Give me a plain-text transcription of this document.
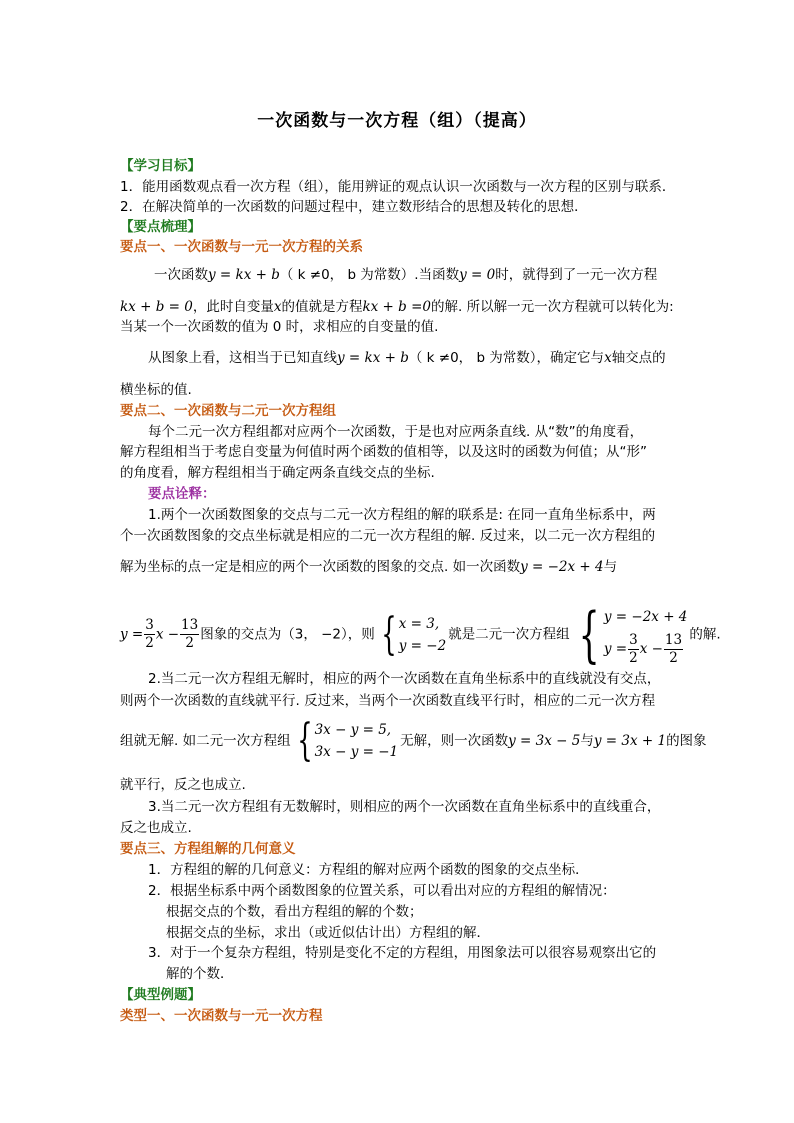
一次函数与一次方程（组）（提高）
【学习目标】
1．能用函数观点看一次方程（组），能用辨证的观点认识一次函数与一次方程的区别与联系．
2．在解决简单的一次函数的问题过程中，建立数形结合的思想及转化的思想．
【要点梳理】
要点一、一次函数与一元一次方程的关系
一次函数y = kx + b（ k ≠0， b 为常数）.当函数y = 0时，就得到了一元一次方程
kx + b = 0，此时自变量x的值就是方程kx + b =0的解. 所以解一元一次方程就可以转化为:
当某一个一次函数的值为 0 时，求相应的自变量的值.
从图象上看，这相当于已知直线y = kx + b（ k ≠0， b 为常数），确定它与x轴交点的
横坐标的值.
要点二、一次函数与二元一次方程组
每个二元一次方程组都对应两个一次函数，于是也对应两条直线. 从“数”的角度看，
解方程组相当于考虑自变量为何值时两个函数的值相等，以及这时的函数为何值；从“形”
的角度看，解方程组相当于确定两条直线交点的坐标.
要点诠释：
1.两个一次函数图象的交点与二元一次方程组的解的联系是: 在同一直角坐标系中，两
个一次函数图象的交点坐标就是相应的二元一次方程组的解. 反过来，以二元一次方程组的
解为坐标的点一定是相应的两个一次函数的图象的交点. 如一次函数y = −2x + 4与
$y = \frac{3}{2}$ $x - \frac{13}{2}$ 图象的交点为（3， −2），则 { x = 3,
y = −2
就是二元一次方程组 { y = −2x + 4
$y = \frac{3}{2}$ $x - \frac{13}{2}$ 的解.
2.当二元一次方程组无解时，相应的两个一次函数在直角坐标系中的直线就没有交点，
则两个一次函数的直线就平行. 反过来，当两个一次函数直线平行时，相应的二元一次方程
组就无解. 如二元一次方程组 { 3x − y = 5,
3x − y = −1
无解，则一次函数y = 3x − 5与y = 3x + 1的图象
就平行，反之也成立.
3.当二元一次方程组有无数解时，则相应的两个一次函数在直角坐标系中的直线重合，
反之也成立.
要点三、方程组解的几何意义
1．方程组的解的几何意义：方程组的解对应两个函数的图象的交点坐标．
2．根据坐标系中两个函数图象的位置关系，可以看出对应的方程组的解情况：
根据交点的个数，看出方程组的解的个数；
根据交点的坐标，求出（或近似估计出）方程组的解．
3．对于一个复杂方程组，特别是变化不定的方程组，用图象法可以很容易观察出它的
解的个数．
【典型例题】
类型一、一次函数与一元一次方程
